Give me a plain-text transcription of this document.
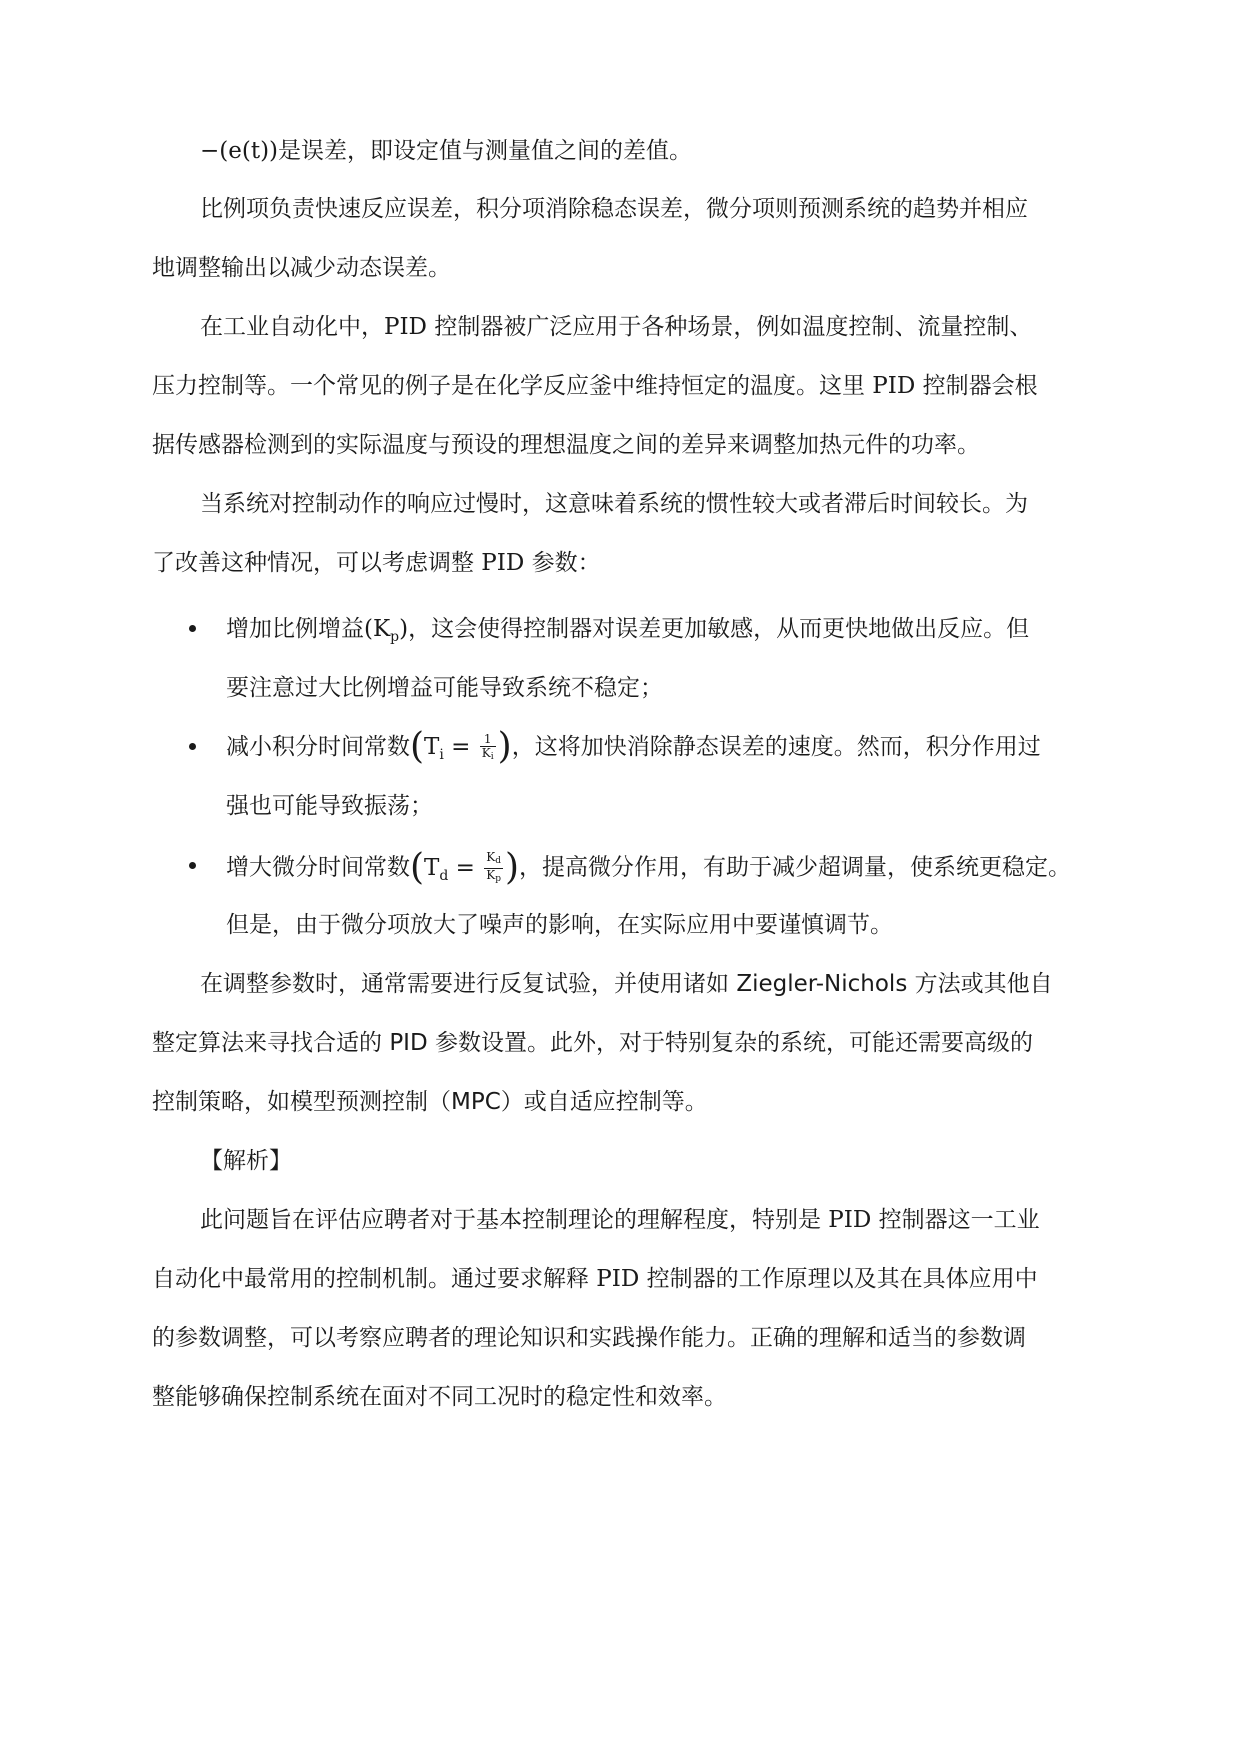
−(e(t))是误差，即设定值与测量值之间的差值。
比例项负责快速反应误差，积分项消除稳态误差，微分项则预测系统的趋势并相应
地调整输出以减少动态误差。
在工业自动化中，PID 控制器被广泛应用于各种场景，例如温度控制、流量控制、
压力控制等。一个常见的例子是在化学反应釜中维持恒定的温度。这里 PID 控制器会根
据传感器检测到的实际温度与预设的理想温度之间的差异来调整加热元件的功率。
当系统对控制动作的响应过慢时，这意味着系统的惯性较大或者滞后时间较长。为
了改善这种情况，可以考虑调整 PID 参数：
增加比例增益$(K_p)$，这会使得控制器对误差更加敏感，从而更快地做出反应。但
要注意过大比例增益可能导致系统不稳定；
减小积分时间常数($T_i = \frac{1}{K_i}$ )，这将加快消除静态误差的速度。然而，积分作用过
强也可能导致振荡；
增大微分时间常数($T_d = \frac{K_d}{K_p}$ )，提高微分作用，有助于减少超调量，使系统更稳定。
但是，由于微分项放大了噪声的影响，在实际应用中要谨慎调节。
在调整参数时，通常需要进行反复试验，并使用诸如 Ziegler-Nichols 方法或其他自
整定算法来寻找合适的 PID 参数设置。此外，对于特别复杂的系统，可能还需要高级的
控制策略，如模型预测控制（MPC）或自适应控制等。
【解析】
此问题旨在评估应聘者对于基本控制理论的理解程度，特别是 PID 控制器这一工业
自动化中最常用的控制机制。通过要求解释 PID 控制器的工作原理以及其在具体应用中
的参数调整，可以考察应聘者的理论知识和实践操作能力。正确的理解和适当的参数调
整能够确保控制系统在面对不同工况时的稳定性和效率。
